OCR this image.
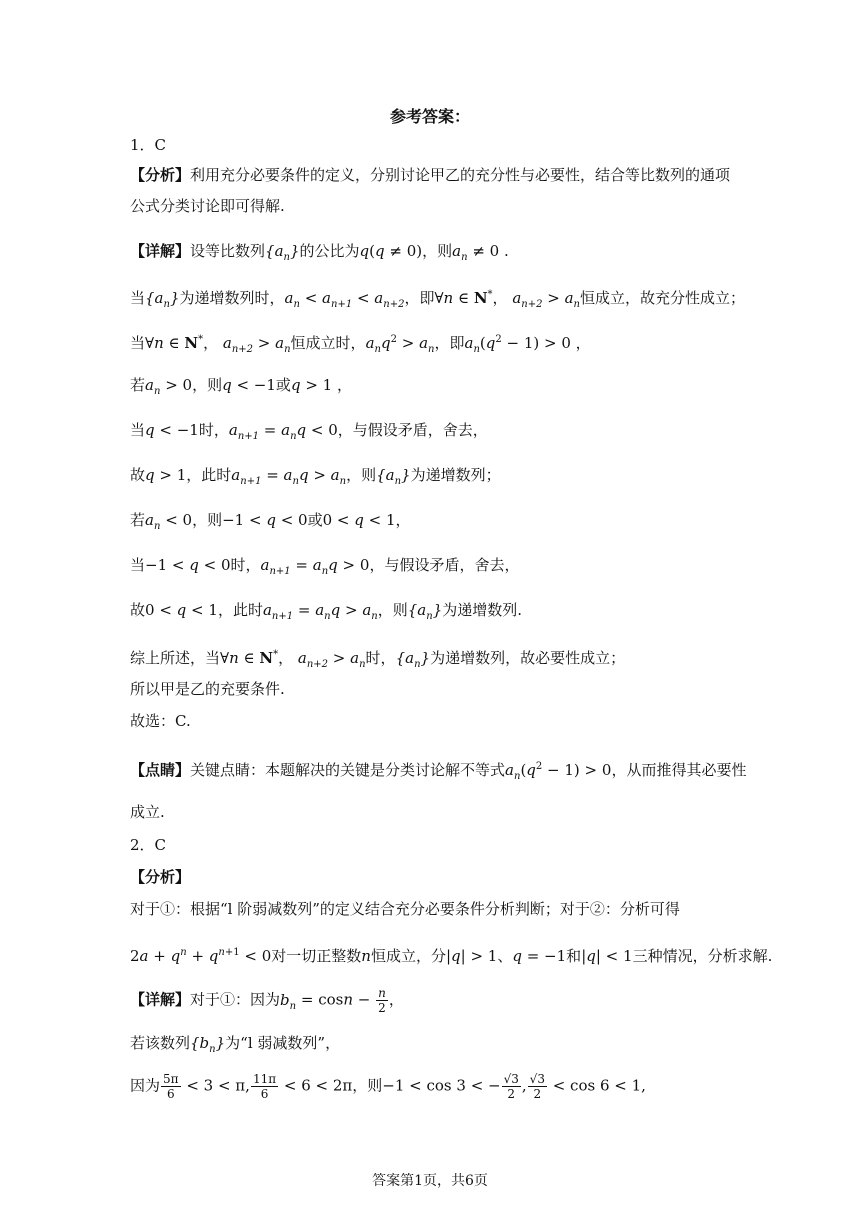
参考答案：
1．C
【分析】利用充分必要条件的定义，分别讨论甲乙的充分性与必要性，结合等比数列的通项
公式分类讨论即可得解.
【详解】设等比数列$\{a_n\}$的公比为q(q ≠ 0)，则$a_n \ne 0$ .
当$\{a_n\}$为递增数列时，$a_n < a_{n+1} < a_{n+2}$，即∀n ∈ N*， $a_{n+2} > a_n$恒成立，故充分性成立；
当∀n ∈ N*， $a_{n+2} > a_n$恒成立时，$a_nq^2 > a_n$，即$a_n(q^2 - 1) > 0$ ，
若$a_n > 0$，则q < −1或q > 1 ，
当q < −1时，$a_{n+1} = a_nq < 0$，与假设矛盾，舍去，
故q > 1，此时$a_{n+1} = a_nq > a_n$，则$\{a_n\}$为递增数列；
若$a_n < 0$，则−1 < q < 0或0 < q < 1，
当−1 < q < 0时，$a_{n+1} = a_nq > 0$，与假设矛盾，舍去，
故0 < q < 1，此时$a_{n+1} = a_nq > a_n$，则$\{a_n\}$为递增数列.
综上所述，当∀n ∈ N*， $a_{n+2} > a_n$时，$\{a_n\}$为递增数列，故必要性成立；
所以甲是乙的充要条件.
故选：C.
【点睛】关键点睛：本题解决的关键是分类讨论解不等式$a_n(q^2 - 1) > 0$，从而推得其必要性
成立.
2．C
【分析】
对于①：根据“l 阶弱减数列”的定义结合充分必要条件分析判断；对于②：分析可得
$2a + q^n + q^{n+1} < 0$对一切正整数n恒成立，分|q| > 1、q = −1和|q| < 1三种情况，分析求解.
【详解】对于①：因为$b_n = \cos n - \frac{n}{2}$ ，
若该数列$\{b_n\}$为“l 弱减数列”，
因为 $\frac{5\pi}{6} < 3 < \pi$, $\frac{11\pi}{6} < 6 < 2\pi$，则−1 < cos 3 < − $\frac{√3}{2}$ , $\frac{√3}{2} < \cos 6 < 1$,
答案第1页，共6页
